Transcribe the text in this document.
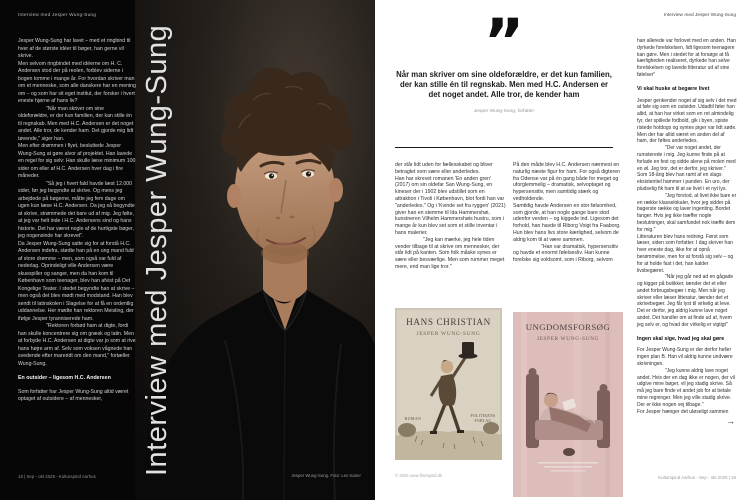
Interview med Jesper Wung-Sung
Interview med Jesper Wung-Sung

Jesper Wung-Sung har lavet – med et ringbind til hver af de største idéer til bøger, han gerne vil skrive.

Men selvom ringbindet med idéerne om H. C. Andersen stod der på reolen, forblev siderne i bogen tomme i mange år. For hvordan skriver man om et menneske, som alle danskere har en mening om – og som har sit eget institut, der forsker i hvert eneste hjørne af hans liv?

"Når man skriver om sine oldeforældre, er der kun familien, der kan stille én til regnskab. Men med H.C. Andersen er det noget andet. Alle tror, de kender ham. Det gjorde mig lidt tøvende," siger han.

Men efter drømmen i flyet, besluttede Jesper Wung-Sung at gøre alvor af projektet. Han lavede en regel for sig selv: Han skulle læse minimum 100 sider om eller af H.C. Andersen hver dag i fire måneder.

"Så jeg i hvert fald havde læst 12.000 sider, før jeg begyndte at skrive. Og mens jeg arbejdede på bøgerne, måtte jeg fem dage om ugen kun læse H.C. Andersen. Da jeg så begyndte at skrive, strømmede det bare ud af mig. Jeg følte, at jeg var helt inde i H.C. Andersens sind og hans historie. Det har været nogle af de hurtigste bøger, jeg nogensinde har skrevet".

Da Jesper Wung-Sung satte sig for at forstå H.C. Andersen indefra, stødte han på en ung mand fuld af store drømme – men, som også var fuld af nederlag. Oprindeligt ville Andersen være skuespiller og sanger, men da han kom til København som teenager, blev han afvist på Det Kongelige Teater. I stedet begyndte han at skrive – men også det blev mødt med modstand. Han blev sendt til latinskolen i Slagelse for at få en ordentlig uddannelse. Her mødte han rektoren Meisling, der ifølge Jesper tyranniserede ham.

"Rektoren forbød ham at digte, fordi han skulle koncentrere sig om græsk og latin. Men at forbyde H.C. Andersen at digte var jo som at rive hans højre arm af. Selv som voksen vågnede han svedende efter mareridt om den mand," fortæller Wung-Sung.

En outsider – ligesom H.C. Andersen

Som forfatter har Jesper Wung-Sung altid været optaget af outsidere – af mennesker,

Jesper Wung-Sung. Foto: Les Kaner
18 | Sep - okt 2025 - Kulturspind Aarhus
Interview med Jesper Wung-Sung
”
Når man skriver om sine oldeforældre, er det kun familien, der kan stille én til regnskab. Men med H.C. Andersen er det noget andet. Alle tror, de kender ham
Jesper Wung-Sung, forfatter

der står lidt uden for fællesskabet og bliver betragtet som sære eller anderledes.

Han har skrevet romanen 'En anden gren' (2017) om sin oldefar San Wung-Sung, en kineser der i 1902 blev udstillet som en attraktion i Tivoli i København, blot fordi han var "anderledes." Og i 'Kvinde set fra ryggen' (2021) giver han en stemme til Ida Hammershøi, kunstneren Vilhelm Hammershøis hustru, som i mange år kun blev set som et stille inventar i hans malerier.

"Jeg kan mærke, jeg hele tiden vender tilbage til at skrive om mennesker, der står lidt på kanten. Som folk måske synes er sære eller besværlige. Men som rummer meget mere, end man lige tror."

På den måde blev H.C. Andersen nærmest en naturlig næste figur for ham. For også digteren fra Odense var på én gang både for meget og uforglemmelig – dramatisk, selvoptaget og hypersensitiv, men samtidig stærk og vedholdende.

Samtidig havde Andersen en stor følsomhed, som gjorde, at han nogle gange bare stod udenfor verden – og kiggede ind. Ligesom det forhold, han havde til Riborg Voigt fra Faaborg. Hun blev hans livs store kærlighed, selvom de aldrig kom til at være sammen.

"Han var dramatisk, hypersensitiv og havde et enormt følelsesliv. Han kunne forelske sig voldsomt, som i Riborg, selvom

han allerede var forlovet med en anden. Han dyrkede forelskelsen, lidt ligesom teenagere kan gøre. Men i stedet for at forsøge at få kærligheden realiseret, dyrkede han selve forelskelsen og lavede litteratur ud af sine følelser"

Vi skal huske at begære livet

Jesper genkender noget af sig selv i det med at føle sig som en outsider. Udadtil føler han altid, at han har virket som en ret almindelig fyr, der spillede fodbold, gik i byen, spiste ristede hotdogs og syntes piger var lidt søde. Men der har altid været en anden del af ham, der føltes anderledes.

"Der var noget andet, der rumsterede i mig. Jeg kunne finde på at forlade en fest og sidde alene på molen med en øl. Jeg tror, det er derfor, jeg skriver."

Som 18-årig blev han ramt af en slags eksistentiel hammer i panden. En uro, der pludselig fik ham til at se livet i et nyt lys.

"Jeg forstod, at livet ikke bare er en række klasselokaler, hvor jeg sidder på bagerste række og laver ingenting. Bordet fanger. Hvis jeg ikke træffer nogle beslutninger, skal samfundet nok træffe dem for mig."

Litteraturen blev hans redning. Først som læser, siden som forfatter. I dag skriver han hver eneste dag, ikke for at opnå berømmelse, men for at forstå sig selv – og for at holde fast i det, han kalder livsbegæret.

"Når jeg går ned ad en gågade og kigger på butikker, tænder det et eller andet forbrugsbegær i mig. Men når jeg skriver eller læser litteratur, tænder det et skrivebegær. Jeg får lyst til virkelig at leve. Det er derfor, jeg aldrig kunne lave noget andet. Det handler om at finde ud af, hvem jeg selv er, og hvad der virkelig er vigtigt"

Ingen skal sige, hvad jeg skal gøre

For Jesper Wung-Sung er der derfor heller ingen plan B. Han vil aldrig kunne undvære skrivningen.

"Jeg kunne aldrig lave noget andet. Hvis der en dag ikke er nogen, der vil udgive mine bøger, vil jeg stadig skrive. Så må jeg bare finde et andet job for at betale mine regninger. Men jeg ville stadig skrive. Der er ikke nogen vej tilbage."

For Jesper hænger det uløseligt sammen

→
HANS CHRISTIAN
JESPER WUNG-SUNG
ROMAN
POLITIKENS
FORLAG
© 2025 www.finespind.dk
UNGDOMSFORSØG
JESPER WUNG-SUNG
Kulturspind Aarhus - Sep - okt 2025 | 19
